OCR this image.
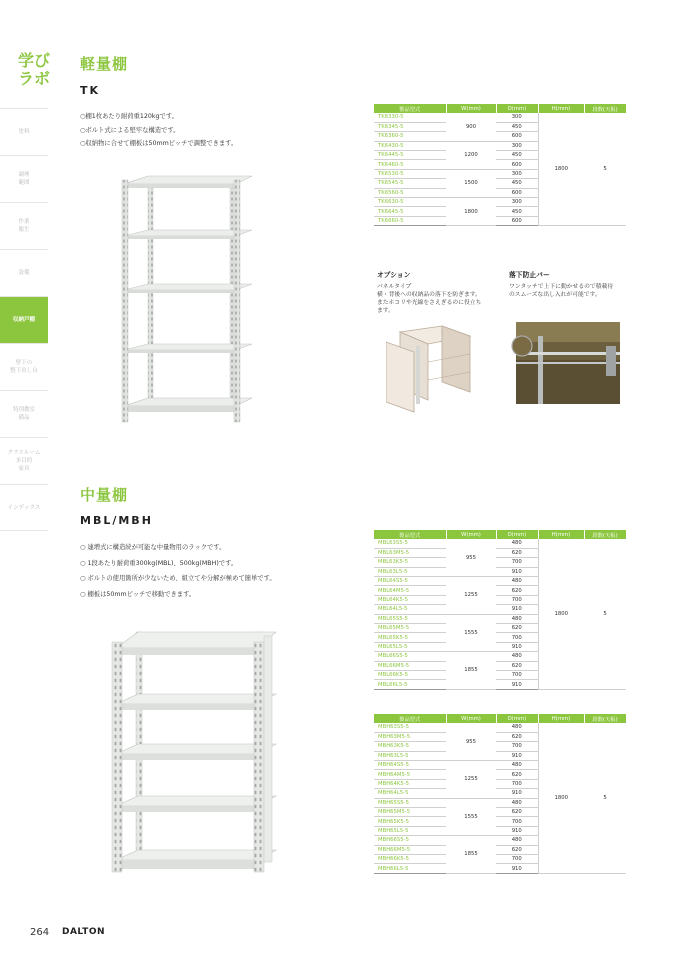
学び
ラボ
塗料
調理
範囲
作業
衛生
設備
収納戸棚
壁下の
整下出し台
特別教室
備品
クラスルーム
多目的
家具
インデックス
軽量棚
TK
○棚1枚あたり耐荷重120kgです。
○ボルト式による堅牢な構造です。
○収納物に合せて棚板は50mmピッチで調整できます。
製品型式	W(mm)	D(mm)	H(mm)	段数(天板)
TK6330-5	900	300	1800	5
TK6345-5		450		
TK6360-5		600		
TK6430-5	1200	300		
TK6445-5		450		
TK6460-5		600		
TK6530-5	1500	300		
TK6545-5		450		
TK6560-5		600		
TK6630-5	1800	300		
TK6645-5		450		
TK6660-5		600		
オプション
パネルタイプ
横・背後への収納品の落下を防ぎます。
またホコリや光線をさえぎるのに役立ち
ます。
落下防止バー
ワンタッチで上下に動かせるので積載待
のスムーズな出し入れが可能です。
中量棚
MBL/MBH
○ 連増式に構造続が可能な中量物用のラックです。
○ 1段あたり耐荷重300kg(MBL)、500kg(MBH)です。
○ ボルトの使用箇所が少ないため、組立てや分解が極めて簡単です。
○ 棚板は50mmピッチで移動できます。
製品型式	W(mm)	D(mm)	H(mm)	段数(天板)
MBL63S5-5	955	480	1800	5
MBL63M5-5		620		
MBL63K5-5		700		
MBL63L5-5		910		
MBL64S5-5	1255	480		
MBL64M5-5		620		
MBL64K5-5		700		
MBL64L5-5		910		
MBL65S5-5	1555	480		
MBL65M5-5		620		
MBL65K5-5		700		
MBL65L5-5		910		
MBL66S5-5	1855	480		
MBL66M5-5		620		
MBL66K5-5		700		
MBL66L5-5		910		
製品型式	W(mm)	D(mm)	H(mm)	段数(天板)
MBH63S5-5	955	480	1800	5
MBH63M5-5		620		
MBH63K5-5		700		
MBH63L5-5		910		
MBH64S5-5	1255	480		
MBH64M5-5		620		
MBH64K5-5		700		
MBH64L5-5		910		
MBH65S5-5	1555	480		
MBH65M5-5		620		
MBH65K5-5		700		
MBH65L5-5		910		
MBH66S5-5	1855	480		
MBH66M5-5		620		
MBH66K5-5		700		
MBH66L5-5		910		
264 DALTON
